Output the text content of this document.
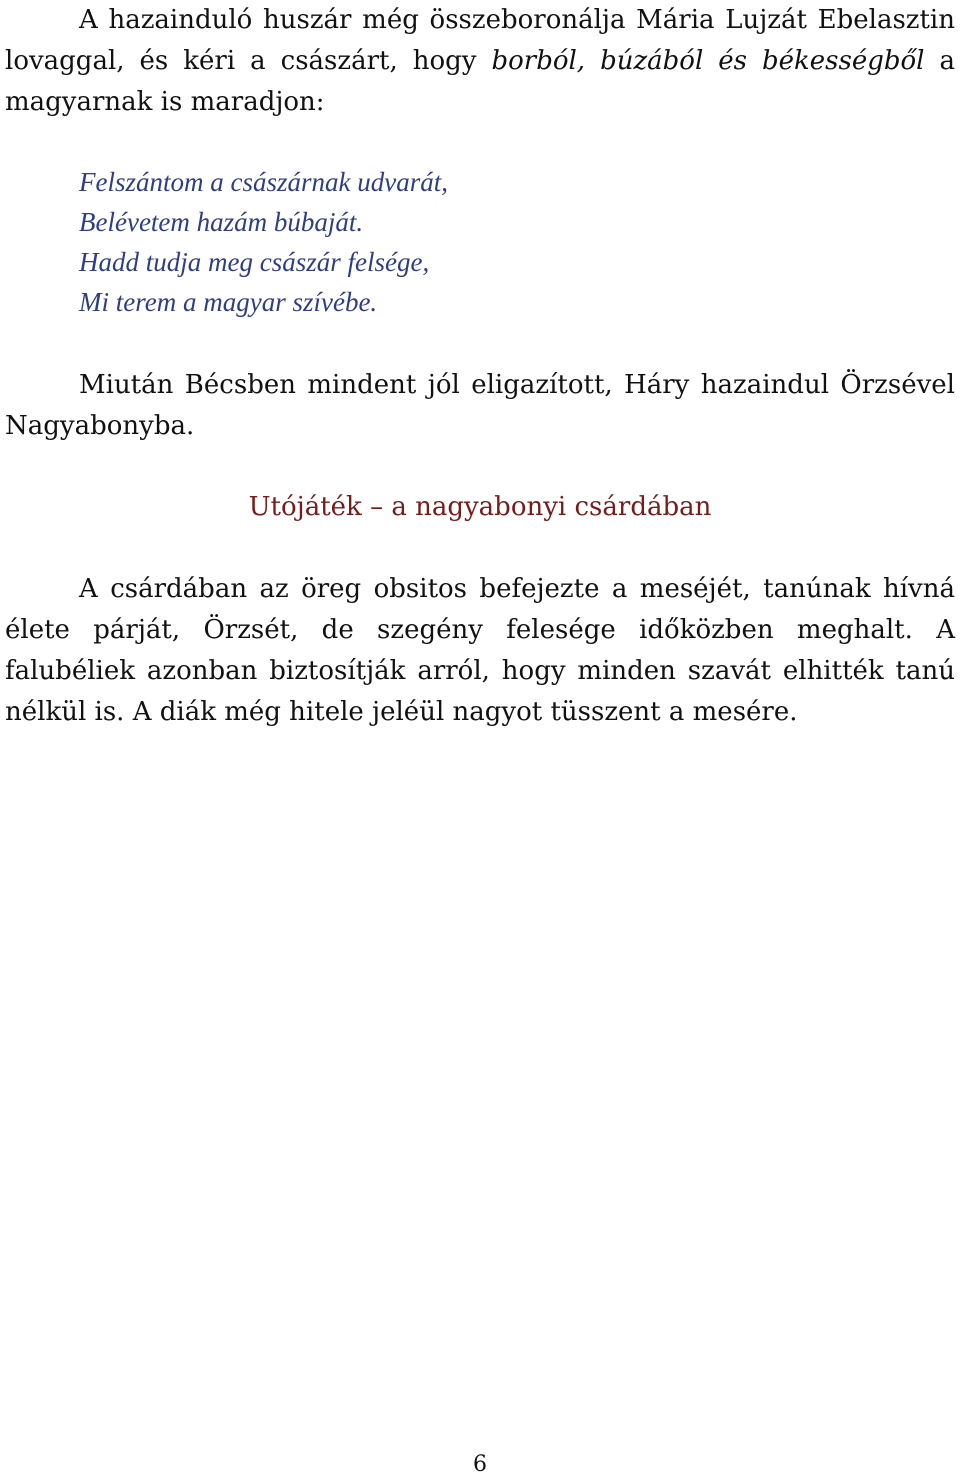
A hazainduló huszár még összeboronálja Mária Lujzát Ebelasztin lovaggal, és kéri a császárt, hogy borból, búzából és békességből a magyarnak is maradjon:

Felszántom a császárnak udvarát,
Belévetem hazám búbaját.
Hadd tudja meg császár felsége,
Mi terem a magyar szívébe.

Miután Bécsben mindent jól eligazított, Háry hazaindul Örzsével Nagyabonyba.

Utójáték – a nagyabonyi csárdában

A csárdában az öreg obsitos befejezte a meséjét, tanúnak hívná élete párját, Örzsét, de szegény felesége időközben meghalt. A falubéliek azonban biztosítják arról, hogy minden szavát elhitték tanú nélkül is. A diák még hitele jeléül nagyot tüsszent a mesére.

6
